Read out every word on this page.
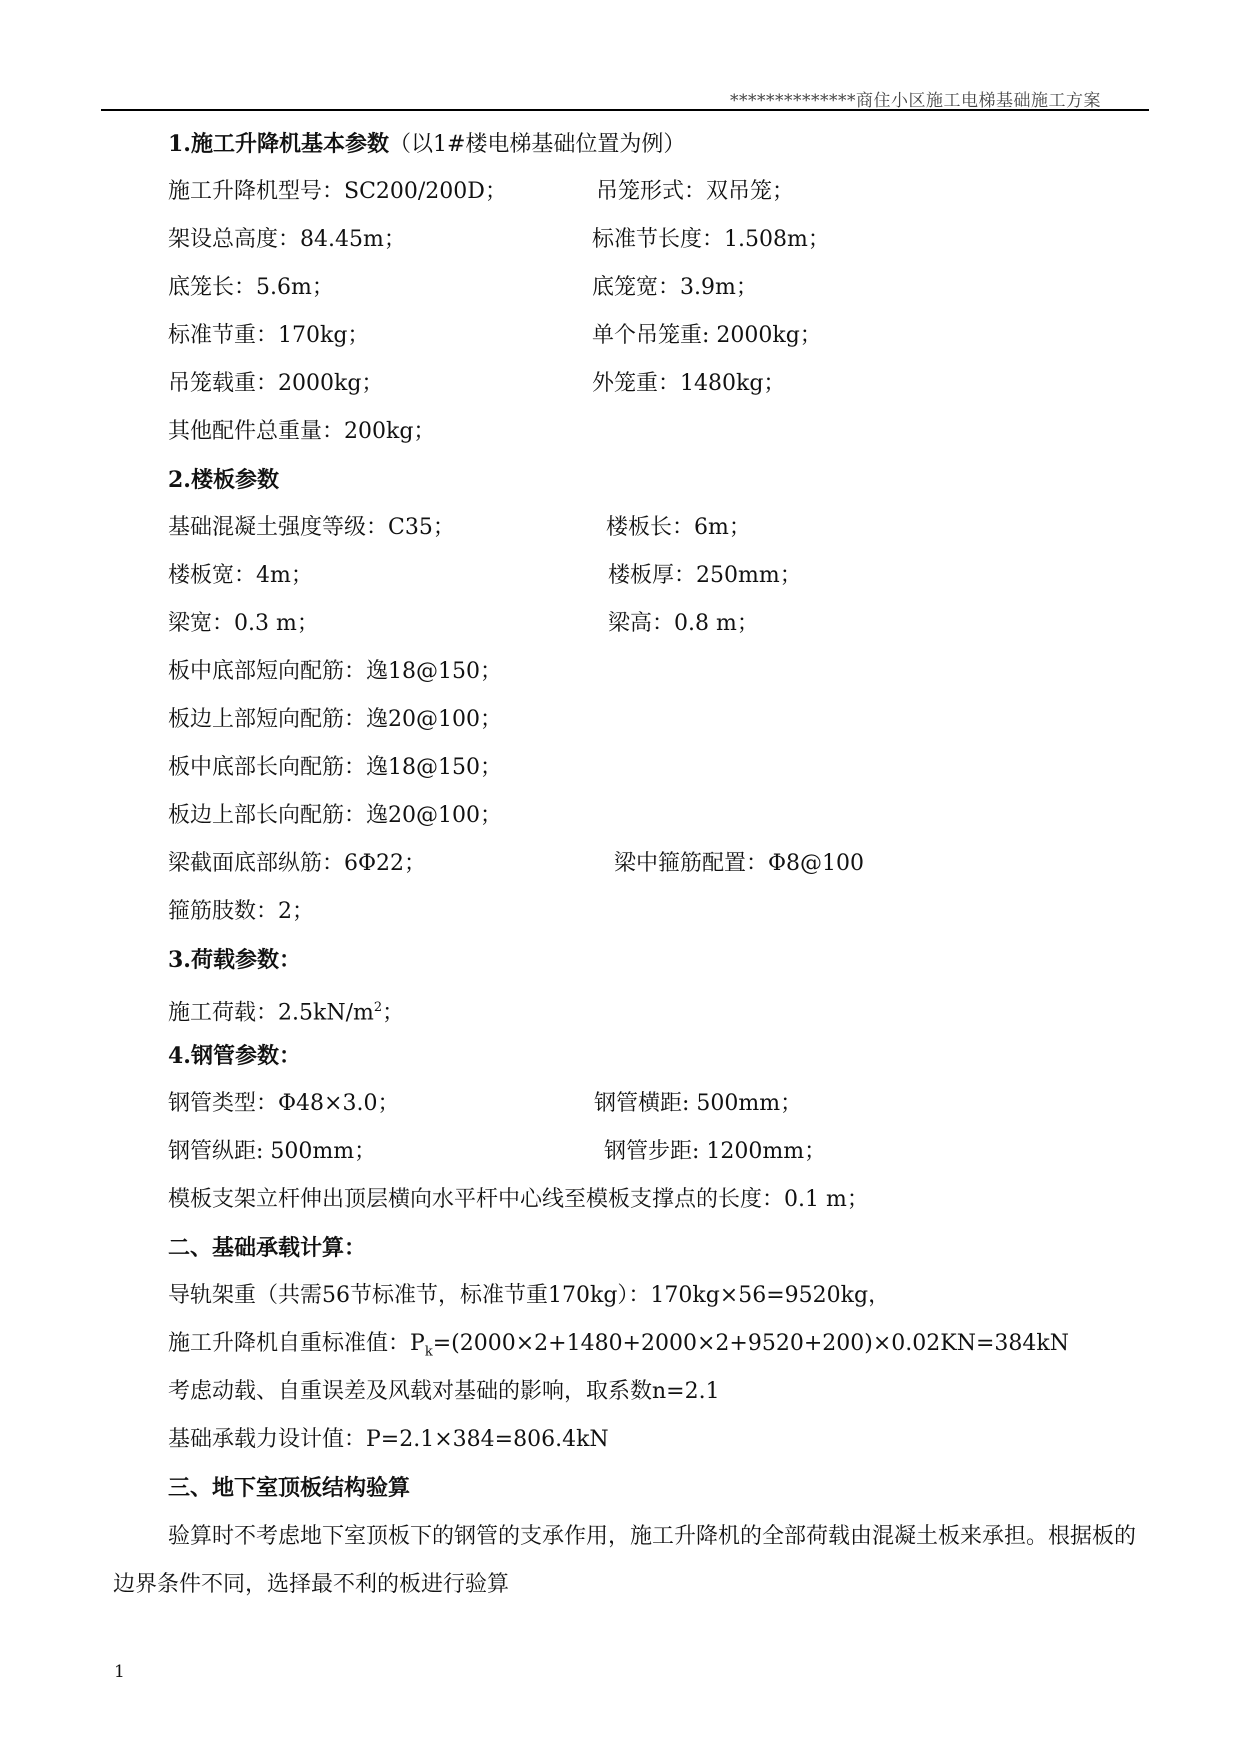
**************商住小区施工电梯基础施工方案
1.施工升降机基本参数（以1#楼电梯基础位置为例）
施工升降机型号：SC200/200D；	吊笼形式：双吊笼；
架设总高度：84.45m；	标准节长度：1.508m；
底笼长：5.6m；	底笼宽：3.9m；
标准节重：170kg；	单个吊笼重: 2000kg；
吊笼载重：2000kg；	外笼重：1480kg；
其他配件总重量：200kg；
2.楼板参数
基础混凝土强度等级：C35；	楼板长：6m；
楼板宽：4m；	楼板厚：250mm；
梁宽：0.3 m；	梁高：0.8 m；
板中底部短向配筋：逸18@150；
板边上部短向配筋：逸20@100；
板中底部长向配筋：逸18@150；
板边上部长向配筋：逸20@100；
梁截面底部纵筋：6Φ22；	梁中箍筋配置：Φ8@100
箍筋肢数：2；
3.荷载参数：
施工荷载：$2.5kN/m^2$；
4.钢管参数：
钢管类型：Φ48×3.0；	钢管横距: 500mm；
钢管纵距: 500mm；	钢管步距: 1200mm；
模板支架立杆伸出顶层横向水平杆中心线至模板支撑点的长度：0.1 m；
二、基础承载计算：
导轨架重（共需56节标准节，标准节重170kg）：170kg×56=9520kg，
施工升降机自重标准值：$P_k=(2000\times 2+1480+2000\times 2+9520+200)\times 0.02KN=384kN$
考虑动载、自重误差及风载对基础的影响，取系数n=2.1
基础承载力设计值：P=2.1×384=806.4kN
三、地下室顶板结构验算
验算时不考虑地下室顶板下的钢管的支承作用，施工升降机的全部荷载由混凝土板来承担。根据板的边界条件不同，选择最不利的板进行验算
1
